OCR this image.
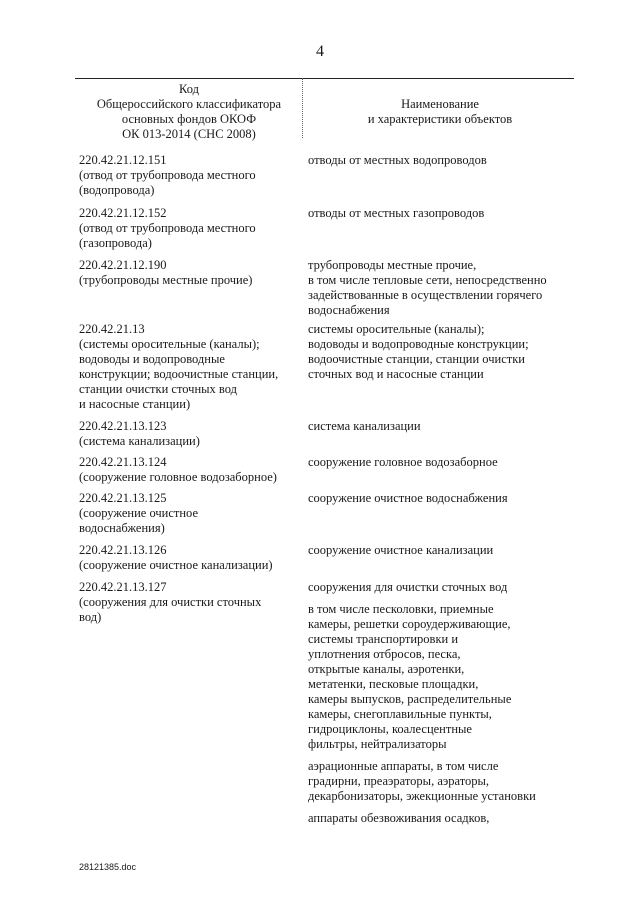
4
Код
Общероссийского классификатора
основных фондов ОКОФ
ОК 013-2014 (СНС 2008)
Наименование
и характеристики объектов
220.42.21.12.151
(отвод от трубопровода местного
(водопровода)
отводы от местных водопроводов
220.42.21.12.152
(отвод от трубопровода местного
(газопровода)
отводы от местных газопроводов
220.42.21.12.190
(трубопроводы местные прочие)
трубопроводы местные прочие,
в том числе тепловые сети, непосредственно
задействованные в осуществлении горячего
водоснабжения
220.42.21.13
(системы оросительные (каналы);
водоводы и водопроводные
конструкции; водоочистные станции,
станции очистки сточных вод
и насосные станции)
системы оросительные (каналы);
водоводы и водопроводные конструкции;
водоочистные станции, станции очистки
сточных вод и насосные станции
220.42.21.13.123
(система канализации)
система канализации
220.42.21.13.124
(сооружение головное водозаборное)
сооружение головное водозаборное
220.42.21.13.125
(сооружение очистное
водоснабжения)
сооружение очистное водоснабжения
220.42.21.13.126
(сооружение очистное канализации)
сооружение очистное канализации
220.42.21.13.127
(сооружения для очистки сточных
вод)
сооружения для очистки сточных вод
в том числе песколовки, приемные
камеры, решетки сороудерживающие,
системы транспортировки и
уплотнения отбросов, песка,
открытые каналы, аэротенки,
метатенки, песковые площадки,
камеры выпусков, распределительные
камеры, снегоплавильные пункты,
гидроциклоны, коалесцентные
фильтры, нейтрализаторы
аэрационные аппараты, в том числе
градирни, преаэраторы, аэраторы,
декарбонизаторы, эжекционные установки
аппараты обезвоживания осадков,
28121385.doc
